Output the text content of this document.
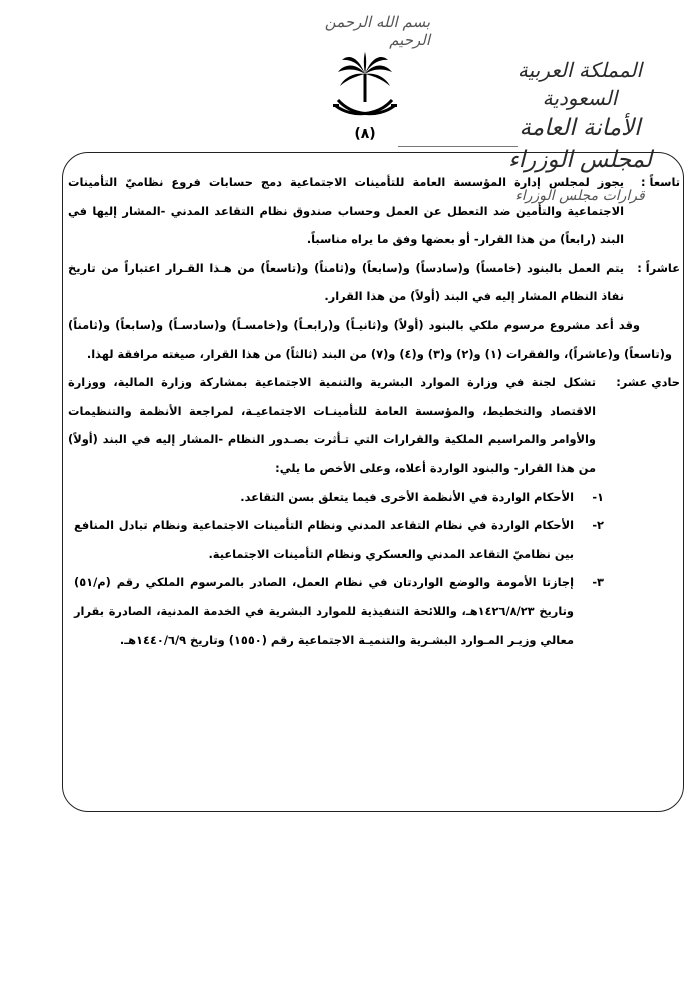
بسم الله الرحمن الرحيم
المملكة العربية السعودية
الأمانة العامة لمجلس الوزراء
قرارات مجلس الوزراء
(٨)
تاسعاً :
يجوز لمجلس إدارة المؤسسة العامة للتأمينات الاجتماعية دمج حسابات فروع نظاميّ التأمينات الاجتماعية والتأمين ضد التعطل عن العمل وحساب صندوق نظام التقاعد المدني -المشار إليها في البند (رابعاً) من هذا القرار- أو بعضها وفق ما يراه مناسباً.
عاشراً :
يتم العمل بالبنود (خامساً) و(سادساً) و(سابعاً) و(ثامناً) و(تاسعاً) من هـذا القـرار اعتباراً من تاريخ نفاذ النظام المشار إليه في البند (أولاً) من هذا القرار.
وقد أعد مشروع مرسوم ملكي بالبنود (أولاً) و(ثانيـاً) و(رابعـاً) و(خامسـاً) و(سادسـاً) و(سابعاً) و(ثامناً) و(تاسعاً) و(عاشراً)، والفقرات (١) و(٢) و(٣) و(٤) و(٧) من البند (ثالثاً) من هذا القرار، صيغته مرافقة لهذا.
حادي عشر:
تشكل لجنة في وزارة الموارد البشرية والتنمية الاجتماعية بمشاركة وزارة المالية، ووزارة الاقتصاد والتخطيط، والمؤسسة العامة للتأمينـات الاجتماعيـة، لمراجعة الأنظمة والتنظيمات والأوامر والمراسيم الملكية والقرارات التي تـأثرت بصـدور النظام -المشار إليه في البند (أولاً) من هذا القرار- والبنود الواردة أعلاه، وعلى الأخص ما يلي:
١-
الأحكام الواردة في الأنظمة الأخرى فيما يتعلق بسن التقاعد.
٢-
الأحكام الواردة في نظام التقاعد المدني ونظام التأمينات الاجتماعية ونظام تبادل المنافع بين نظاميّ التقاعد المدني والعسكري ونظام التأمينات الاجتماعية.
٣-
إجازتا الأمومة والوضع الواردتان في نظام العمل، الصادر بالمرسوم الملكي رقم (م/٥١) وتاريخ ١٤٢٦/٨/٢٣هـ، واللائحة التنفيذية للموارد البشرية في الخدمة المدنية، الصادرة بقرار معالي وزيـر المـوارد البشـرية والتنميـة الاجتماعية رقم (١٥٥٠) وتاريخ ١٤٤٠/٦/٩هـ.
